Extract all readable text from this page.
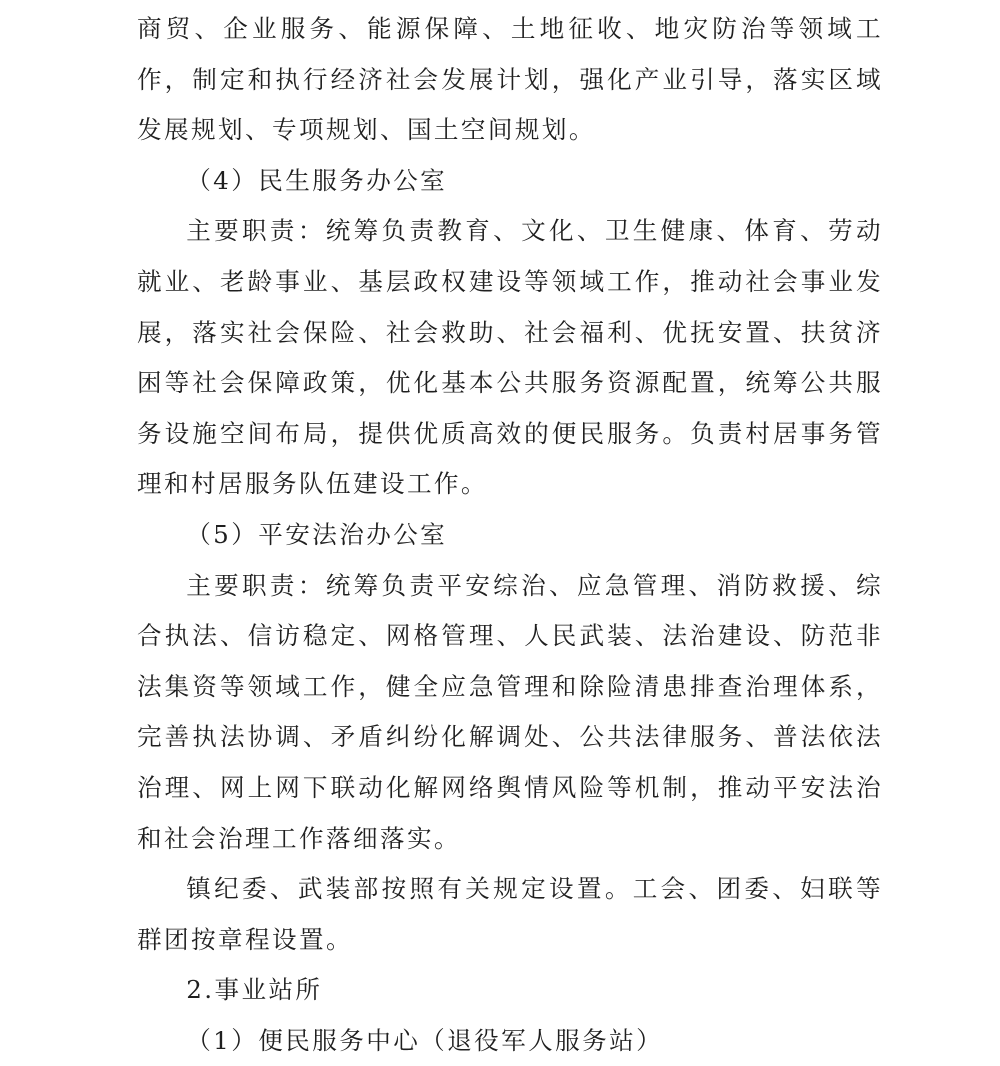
商贸、企业服务、能源保障、土地征收、地灾防治等领域工作，制定和执行经济社会发展计划，强化产业引导，落实区域发展规划、专项规划、国土空间规划。

（4）民生服务办公室

主要职责：统筹负责教育、文化、卫生健康、体育、劳动就业、老龄事业、基层政权建设等领域工作，推动社会事业发展，落实社会保险、社会救助、社会福利、优抚安置、扶贫济困等社会保障政策，优化基本公共服务资源配置，统筹公共服务设施空间布局，提供优质高效的便民服务。负责村居事务管理和村居服务队伍建设工作。

（5）平安法治办公室

主要职责：统筹负责平安综治、应急管理、消防救援、综合执法、信访稳定、网格管理、人民武装、法治建设、防范非法集资等领域工作，健全应急管理和除险清患排查治理体系，完善执法协调、矛盾纠纷化解调处、公共法律服务、普法依法治理、网上网下联动化解网络舆情风险等机制，推动平安法治和社会治理工作落细落实。

镇纪委、武装部按照有关规定设置。工会、团委、妇联等群团按章程设置。

2.事业站所

（1）便民服务中心（退役军人服务站）
